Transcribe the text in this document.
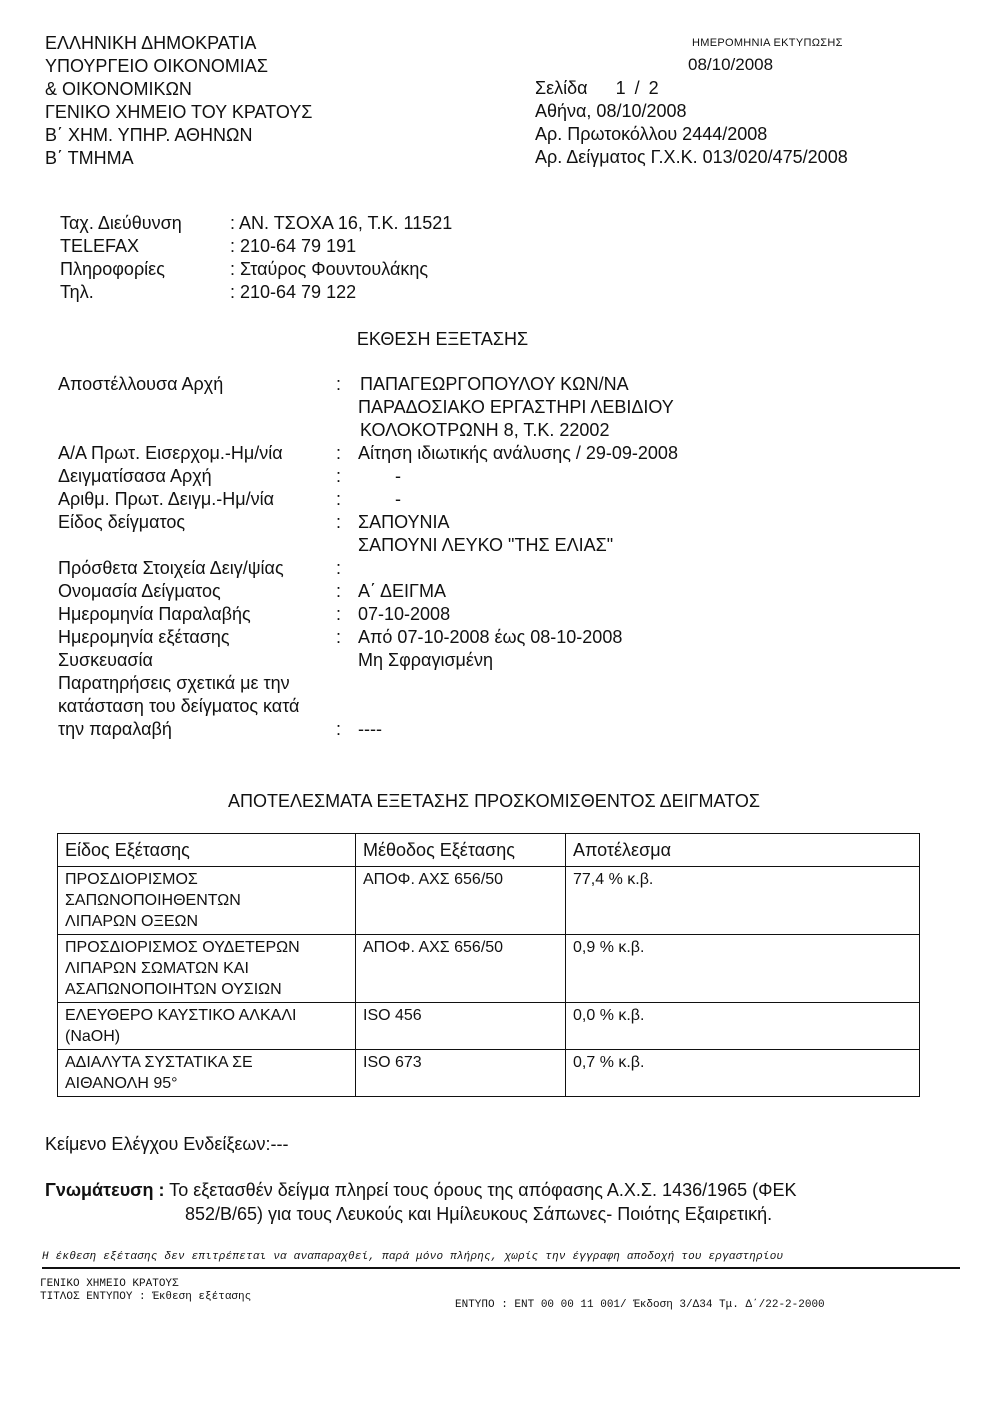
ΕΛΛΗΝΙΚΗ ΔΗΜΟΚΡΑΤΙΑ
ΥΠΟΥΡΓΕΙΟ ΟΙΚΟΝΟΜΙΑΣ
& ΟΙΚΟΝΟΜΙΚΩΝ
ΓΕΝΙΚΟ ΧΗΜΕΙΟ ΤΟΥ ΚΡΑΤΟΥΣ
Β΄ ΧΗΜ. ΥΠΗΡ. ΑΘΗΝΩΝ
Β΄ ΤΜΗΜΑ
ΗΜΕΡΟΜΗΝΙΑ ΕΚΤΥΠΩΣΗΣ
08/10/2008
Σελίδα 1 / 2
Αθήνα, 08/10/2008
Αρ. Πρωτοκόλλου 2444/2008
Αρ. Δείγματος Γ.Χ.Κ. 013/020/475/2008
Ταχ. Διεύθυνση	: ΑΝ. ΤΣΟΧΑ 16, Τ.Κ. 11521
TELEFAX	: 210-64 79 191
Πληροφορίες	: Σταύρος Φουντουλάκης
Τηλ.	: 210-64 79 122
ΕΚΘΕΣΗ ΕΞΕΤΑΣΗΣ
Αποστέλλουσα Αρχή	: ΠΑΠΑΓΕΩΡΓΟΠΟΥΛΟΥ ΚΩΝ/ΝΑ
ΠΑΡΑΔΟΣΙΑΚΟ ΕΡΓΑΣΤΗΡΙ ΛΕΒΙΔΙΟΥ
ΚΟΛΟΚΟΤΡΩΝΗ 8, Τ.Κ. 22002
Α/Α Πρωτ. Εισερχομ.-Ημ/νία	: Αίτηση ιδιωτικής ανάλυσης / 29-09-2008
Δειγματίσασα Αρχή	:	-
Αριθμ. Πρωτ. Δειγμ.-Ημ/νία	:	-
Είδος δείγματος	: ΣΑΠΟΥΝΙΑ
ΣΑΠΟΥΝΙ ΛΕΥΚΟ "ΤΗΣ ΕΛΙΑΣ"
Πρόσθετα Στοιχεία Δειγ/ψίας	:
Ονομασία Δείγματος	: Α΄ ΔΕΙΓΜΑ
Ημερομηνία Παραλαβής	: 07-10-2008
Ημερομηνία εξέτασης	: Από 07-10-2008 έως 08-10-2008
Συσκευασία	Μη Σφραγισμένη
Παρατηρήσεις σχετικά με την
κατάσταση του δείγματος κατά
την παραλαβή	: ----
ΑΠΟΤΕΛΕΣΜΑΤΑ ΕΞΕΤΑΣΗΣ ΠΡΟΣΚΟΜΙΣΘΕΝΤΟΣ ΔΕΙΓΜΑΤΟΣ
Είδος Εξέτασης	Μέθοδος Εξέτασης	Αποτέλεσμα
ΠΡΟΣΔΙΟΡΙΣΜΟΣ
ΣΑΠΩΝΟΠΟΙΗΘΕΝΤΩΝ
ΛΙΠΑΡΩΝ ΟΞΕΩΝ	ΑΠΟΦ. ΑΧΣ 656/50	77,4 % κ.β.
ΠΡΟΣΔΙΟΡΙΣΜΟΣ ΟΥΔΕΤΕΡΩΝ
ΛΙΠΑΡΩΝ ΣΩΜΑΤΩΝ ΚΑΙ
ΑΣΑΠΩΝΟΠΟΙΗΤΩΝ ΟΥΣΙΩΝ	ΑΠΟΦ. ΑΧΣ 656/50	0,9 % κ.β.
ΕΛΕΥΘΕΡΟ ΚΑΥΣΤΙΚΟ ΑΛΚΑΛΙ
(NaOH)	ISO 456	0,0 % κ.β.
ΑΔΙΑΛΥΤΑ ΣΥΣΤΑΤΙΚΑ ΣΕ
ΑΙΘΑΝΟΛΗ 95°	ISO 673	0,7 % κ.β.
Κείμενο Ελέγχου Ενδείξεων:---
Γνωμάτευση : Το εξετασθέν δείγμα πληρεί τους όρους της απόφασης Α.Χ.Σ. 1436/1965 (ΦΕΚ
852/Β/65) για τους Λευκούς και Ημίλευκους Σάπωνες- Ποιότης Εξαιρετική.
Η έκθεση εξέτασης δεν επιτρέπεται να αναπαραχθεί, παρά μόνο πλήρης, χωρίς την έγγραφη αποδοχή του εργαστηρίου
ΓΕΝΙΚΟ ΧΗΜΕΙΟ ΚΡΑΤΟΥΣ
ΤΙΤΛΟΣ ΕΝΤΥΠΟΥ : Έκθεση εξέτασης
ΕΝΤΥΠΟ : ΕΝΤ 00 00 11 001/ Έκδοση 3/Δ34 Τμ. Δ΄/22-2-2000
